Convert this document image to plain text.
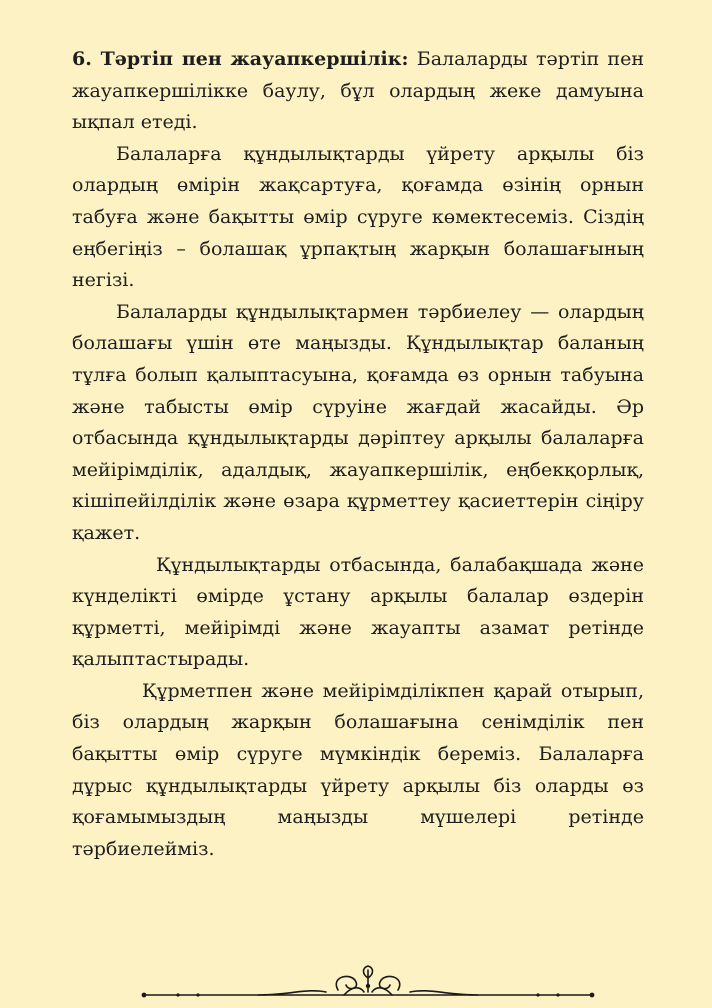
6. Тәртіп пен жауапкершілік: Балаларды тәртіп пен жауапкершілікке баулу, бұл олардың жеке дамуына ықпал етеді.

Балаларға құндылықтарды үйрету арқылы біз олардың өмірін жақсартуға, қоғамда өзінің орнын табуға және бақытты өмір сүруге көмектесеміз. Сіздің еңбегіңіз – болашақ ұрпақтың жарқын болашағының негізі.

Балаларды құндылықтармен тәрбиелеу — олардың болашағы үшін өте маңызды. Құндылықтар баланың тұлға болып қалыптасуына, қоғамда өз орнын табуына және табысты өмір сүруіне жағдай жасайды. Әр отбасында құндылықтарды дәріптеу арқылы балаларға мейірімділік, адалдық, жауапкершілік, еңбекқорлық, кішіпейілділік және өзара құрметтеу қасиеттерін сіңіру қажет.

Құндылықтарды отбасында, балабақшада және күнделікті өмірде ұстану арқылы балалар өздерін құрметті, мейірімді және жауапты азамат ретінде қалыптастырады.

Құрметпен және мейірімділікпен қарай отырып, біз олардың жарқын болашағына сенімділік пен бақытты өмір сүруге мүмкіндік береміз. Балаларға дұрыс құндылықтарды үйрету арқылы біз оларды өз қоғамымыздың маңызды мүшелері ретінде тәрбиелейміз.
